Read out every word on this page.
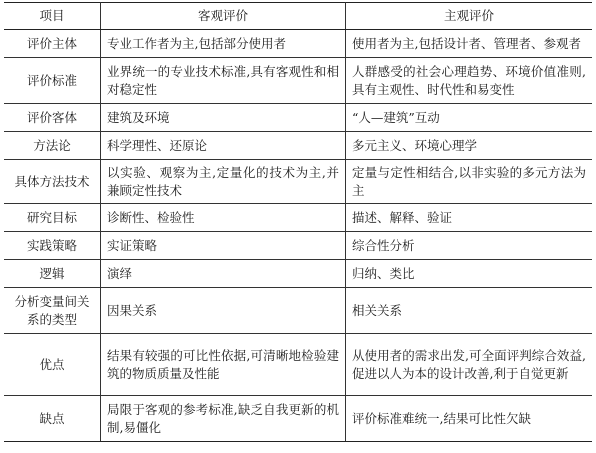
项目	客观评价	主观评价
评价主体	专业工作者为主,包括部分使用者	使用者为主,包括设计者、管理者、参观者
评价标准	业界统一的专业技术标准,具有客观性和相对稳定性	人群感受的社会心理趋势、环境价值准则,具有主观性、时代性和易变性
评价客体	建筑及环境	“人—建筑”互动
方法论	科学理性、还原论	多元主义、环境心理学
具体方法技术	以实验、观察为主,定量化的技术为主,并兼顾定性技术	定量与定性相结合,以非实验的多元方法为主
研究目标	诊断性、检验性	描述、解释、验证
实践策略	实证策略	综合性分析
逻辑	演绎	归纳、类比
分析变量间关系的类型	因果关系	相关关系
优点	结果有较强的可比性依据,可清晰地检验建筑的物质质量及性能	从使用者的需求出发,可全面评判综合效益,促进以人为本的设计改善,利于自觉更新
缺点	局限于客观的参考标准,缺乏自我更新的机制,易僵化	评价标准难统一,结果可比性欠缺
